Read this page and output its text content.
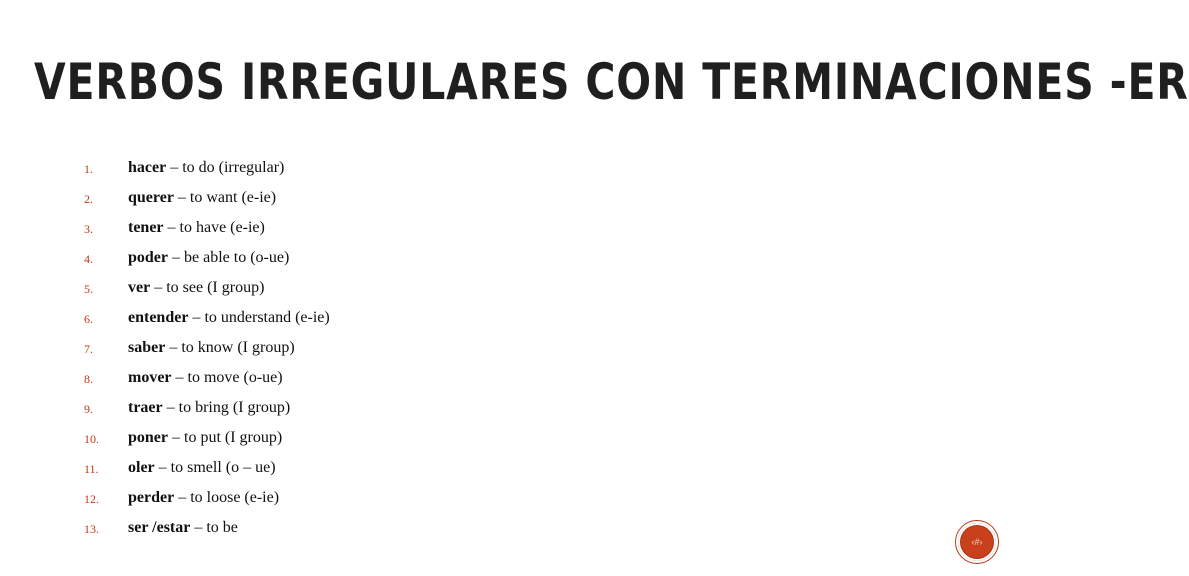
VERBOS IRREGULARES CON TERMINACIONES -ER
1.	hacer – to do (irregular)
2.	querer – to want (e-ie)
3.	tener – to have (e-ie)
4.	poder – be able to (o-ue)
5.	ver – to see (I group)
6.	entender – to understand (e-ie)
7.	saber – to know (I group)
8.	mover – to move (o-ue)
9.	traer – to bring (I group)
10.	poner – to put (I group)
11.	oler – to smell (o – ue)
12.	perder – to loose (e-ie)
13.	ser /estar – to be
‹#›
